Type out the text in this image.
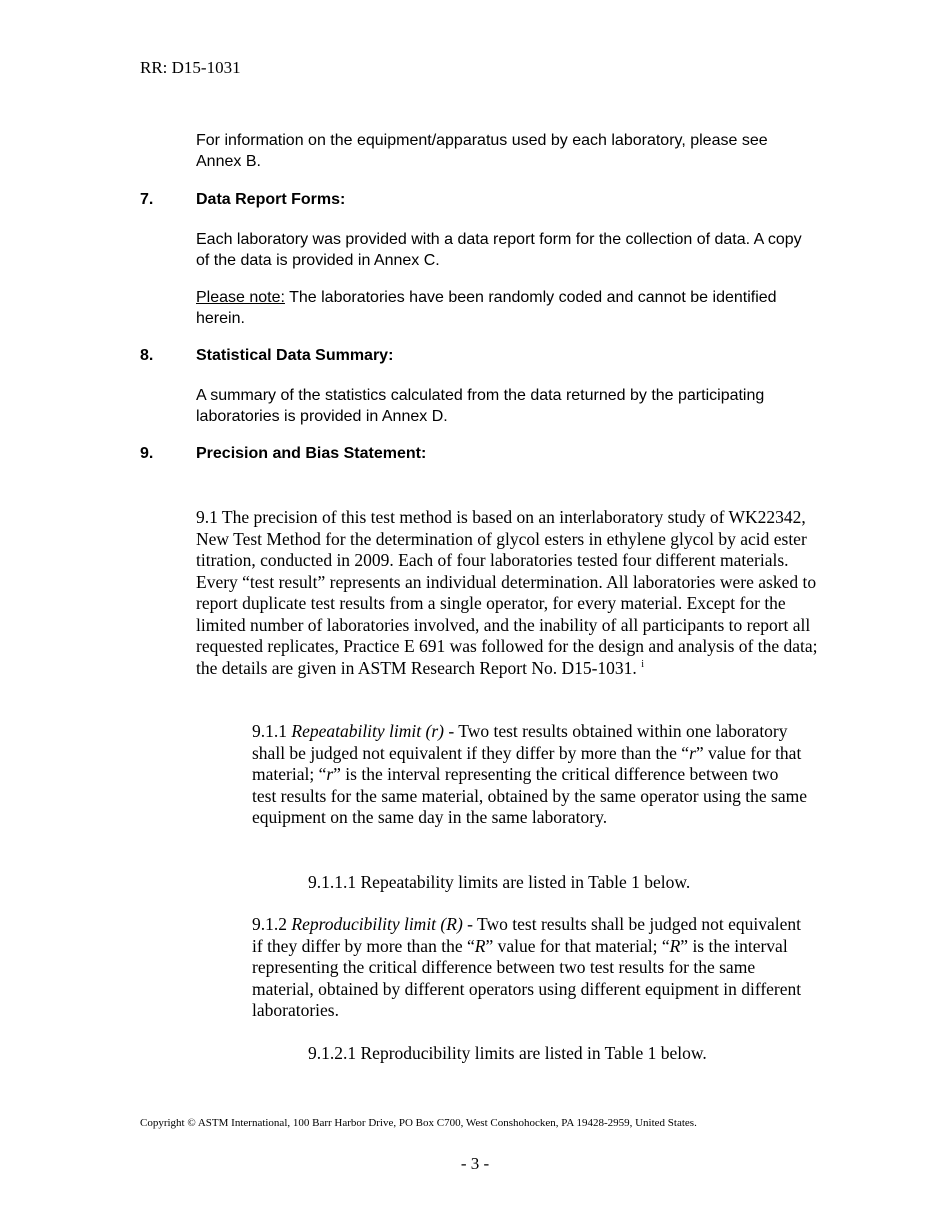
RR: D15-1031
For information on the equipment/apparatus used by each laboratory, please see Annex B.
7.	Data Report Forms:
Each laboratory was provided with a data report form for the collection of data. A copy of the data is provided in Annex C.
Please note: The laboratories have been randomly coded and cannot be identified herein.
8.	Statistical Data Summary:
A summary of the statistics calculated from the data returned by the participating laboratories is provided in Annex D.
9.	Precision and Bias Statement:
9.1 The precision of this test method is based on an interlaboratory study of WK22342, New Test Method for the determination of glycol esters in ethylene glycol by acid ester titration, conducted in 2009. Each of four laboratories tested four different materials. Every “test result” represents an individual determination. All laboratories were asked to report duplicate test results from a single operator, for every material. Except for the limited number of laboratories involved, and the inability of all participants to report all requested replicates, Practice E 691 was followed for the design and analysis of the data; the details are given in ASTM Research Report No. D15-1031. $^i$
9.1.1 Repeatability limit (r) - Two test results obtained within one laboratory shall be judged not equivalent if they differ by more than the “r” value for that material; “r” is the interval representing the critical difference between two test results for the same material, obtained by the same operator using the same equipment on the same day in the same laboratory.
9.1.1.1 Repeatability limits are listed in Table 1 below.
9.1.2 Reproducibility limit (R) - Two test results shall be judged not equivalent if they differ by more than the “R” value for that material; “R” is the interval representing the critical difference between two test results for the same material, obtained by different operators using different equipment in different laboratories.
9.1.2.1 Reproducibility limits are listed in Table 1 below.
Copyright © ASTM International, 100 Barr Harbor Drive, PO Box C700, West Conshohocken, PA 19428-2959, United States.
- 3 -
